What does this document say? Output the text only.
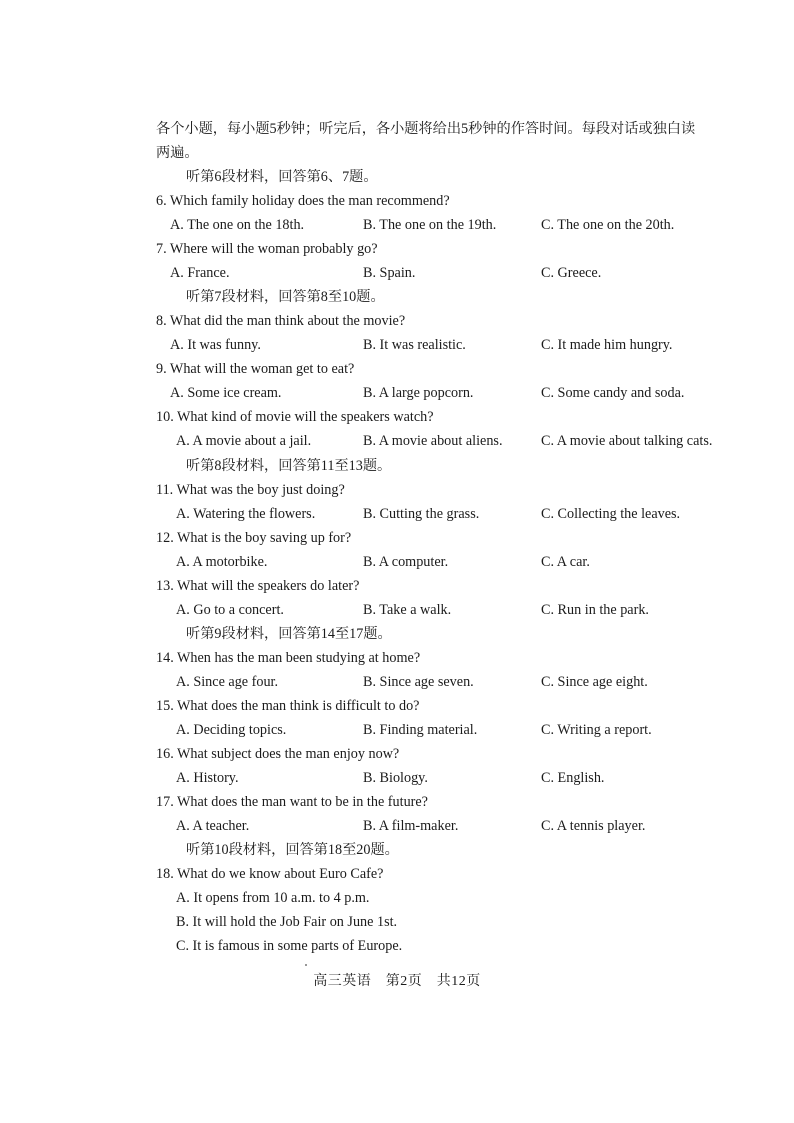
各个小题，每小题5秒钟；听完后，各小题将给出5秒钟的作答时间。每段对话或独白读
两遍。
听第6段材料，回答第6、7题。
6. Which family holiday does the man recommend?
A. The one on the 18th.	B. The one on the 19th.	C. The one on the 20th.
7. Where will the woman probably go?
A. France.	B. Spain.	C. Greece.
听第7段材料，回答第8至10题。
8. What did the man think about the movie?
A. It was funny.	B. It was realistic.	C. It made him hungry.
9. What will the woman get to eat?
A. Some ice cream.	B. A large popcorn.	C. Some candy and soda.
10. What kind of movie will the speakers watch?
A. A movie about a jail.	B. A movie about aliens.	C. A movie about talking cats.
听第8段材料，回答第11至13题。
11. What was the boy just doing?
A. Watering the flowers.	B. Cutting the grass.	C. Collecting the leaves.
12. What is the boy saving up for?
A. A motorbike.	B. A computer.	C. A car.
13. What will the speakers do later?
A. Go to a concert.	B. Take a walk.	C. Run in the park.
听第9段材料，回答第14至17题。
14. When has the man been studying at home?
A. Since age four.	B. Since age seven.	C. Since age eight.
15. What does the man think is difficult to do?
A. Deciding topics.	B. Finding material.	C. Writing a report.
16. What subject does the man enjoy now?
A. History.	B. Biology.	C. English.
17. What does the man want to be in the future?
A. A teacher.	B. A film-maker.	C. A tennis player.
听第10段材料，回答第18至20题。
18. What do we know about Euro Cafe?
A. It opens from 10 a.m. to 4 p.m.
B. It will hold the Job Fair on June 1st.
C. It is famous in some parts of Europe.
高三英语　第2页　共12页
